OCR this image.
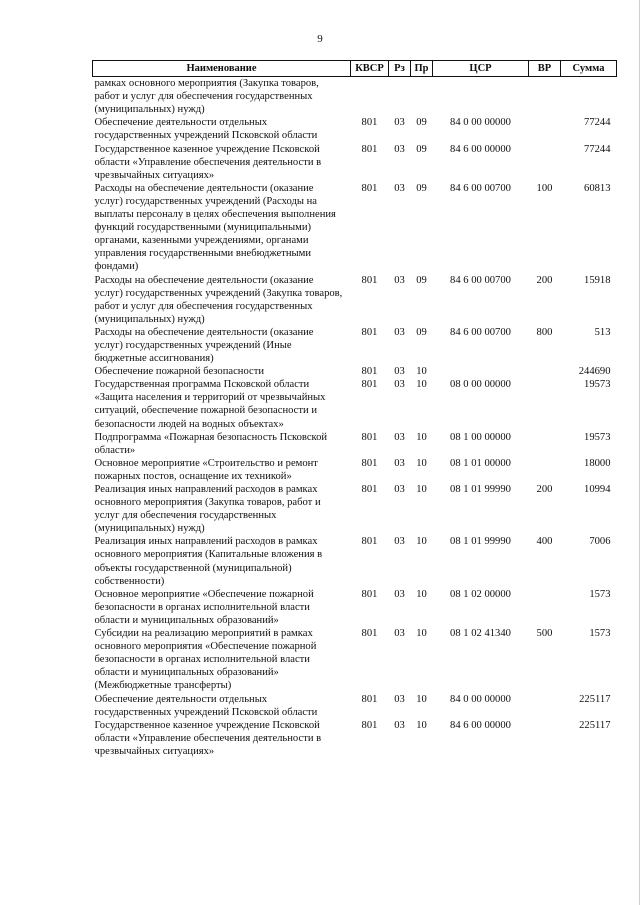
9
Наименование	КВСР	Рз	Пр	ЦСР	ВР	Сумма
рамках основного мероприятия (Закупка товаров, работ и услуг для обеспечения государственных (муниципальных) нужд)						
Обеспечение деятельности отдельных государственных учреждений Псковской области	801	03	09	84 0 00 00000		77244
Государственное казенное учреждение Псковской области «Управление обеспечения деятельности в чрезвычайных ситуациях»	801	03	09	84 6 00 00000		77244
Расходы на обеспечение деятельности (оказание услуг) государственных учреждений (Расходы на выплаты персоналу в целях обеспечения выполнения функций государственными (муниципальными) органами, казенными учреждениями, органами управления государственными внебюджетными фондами)	801	03	09	84 6 00 00700	100	60813
Расходы на обеспечение деятельности (оказание услуг) государственных учреждений (Закупка товаров, работ и услуг для обеспечения государственных (муниципальных) нужд)	801	03	09	84 6 00 00700	200	15918
Расходы на обеспечение деятельности (оказание услуг) государственных учреждений (Иные бюджетные ассигнования)	801	03	09	84 6 00 00700	800	513
Обеспечение пожарной безопасности	801	03	10			244690
Государственная программа Псковской области «Защита населения и территорий от чрезвычайных ситуаций, обеспечение пожарной безопасности и безопасности людей на водных объектах»	801	03	10	08 0 00 00000		19573
Подпрограмма «Пожарная безопасность Псковской области»	801	03	10	08 1 00 00000		19573
Основное мероприятие «Строительство и ремонт пожарных постов, оснащение их техникой»	801	03	10	08 1 01 00000		18000
Реализация иных направлений расходов в рамках основного мероприятия (Закупка товаров, работ и услуг для обеспечения государственных (муниципальных) нужд)	801	03	10	08 1 01 99990	200	10994
Реализация иных направлений расходов в рамках основного мероприятия (Капитальные вложения в объекты государственной (муниципальной) собственности)	801	03	10	08 1 01 99990	400	7006
Основное мероприятие «Обеспечение пожарной безопасности в органах исполнительной власти области и муниципальных образований»	801	03	10	08 1 02 00000		1573
Субсидии на реализацию мероприятий в рамках основного мероприятия «Обеспечение пожарной безопасности в органах исполнительной власти области и муниципальных образований» (Межбюджетные трансферты)	801	03	10	08 1 02 41340	500	1573
Обеспечение деятельности отдельных государственных учреждений Псковской области	801	03	10	84 0 00 00000		225117
Государственное казенное учреждение Псковской области «Управление обеспечения деятельности в чрезвычайных ситуациях»	801	03	10	84 6 00 00000		225117
